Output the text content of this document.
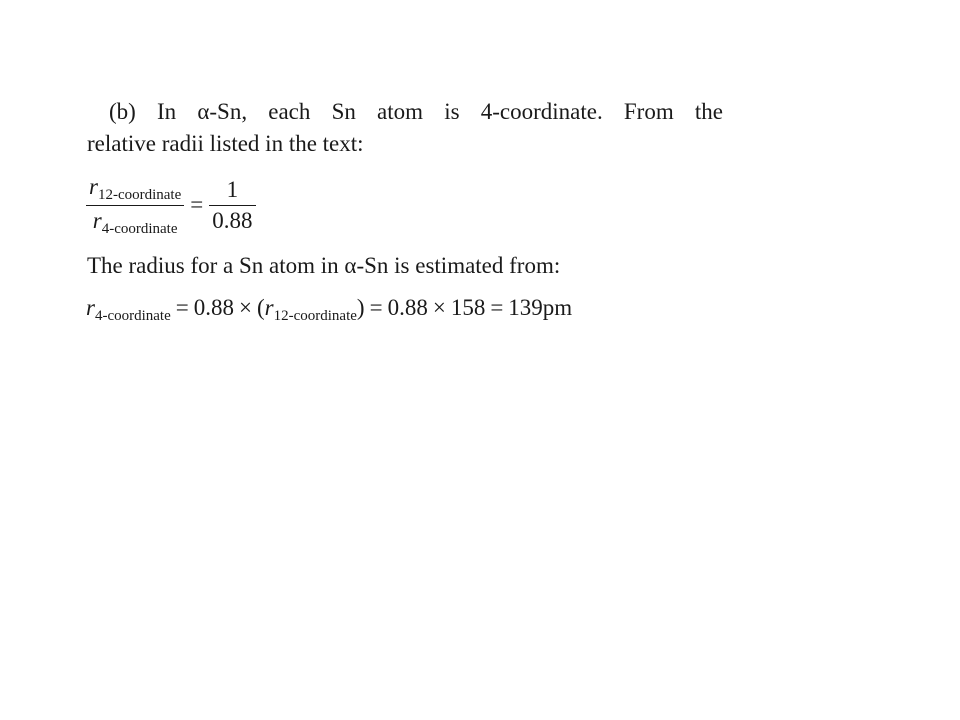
(b) In α-Sn, each Sn atom is 4-coordinate. From the

relative radii listed in the text:

$\frac{r_{12-coordinate}}{r_{4-coordinate}} = \frac{1}{0.88}$

The radius for a Sn atom in α-Sn is estimated from:

$r_{4-coordinate} = 0.88 \times (r_{12-coordinate}) = 0.88 \times 158 = 139pm$
